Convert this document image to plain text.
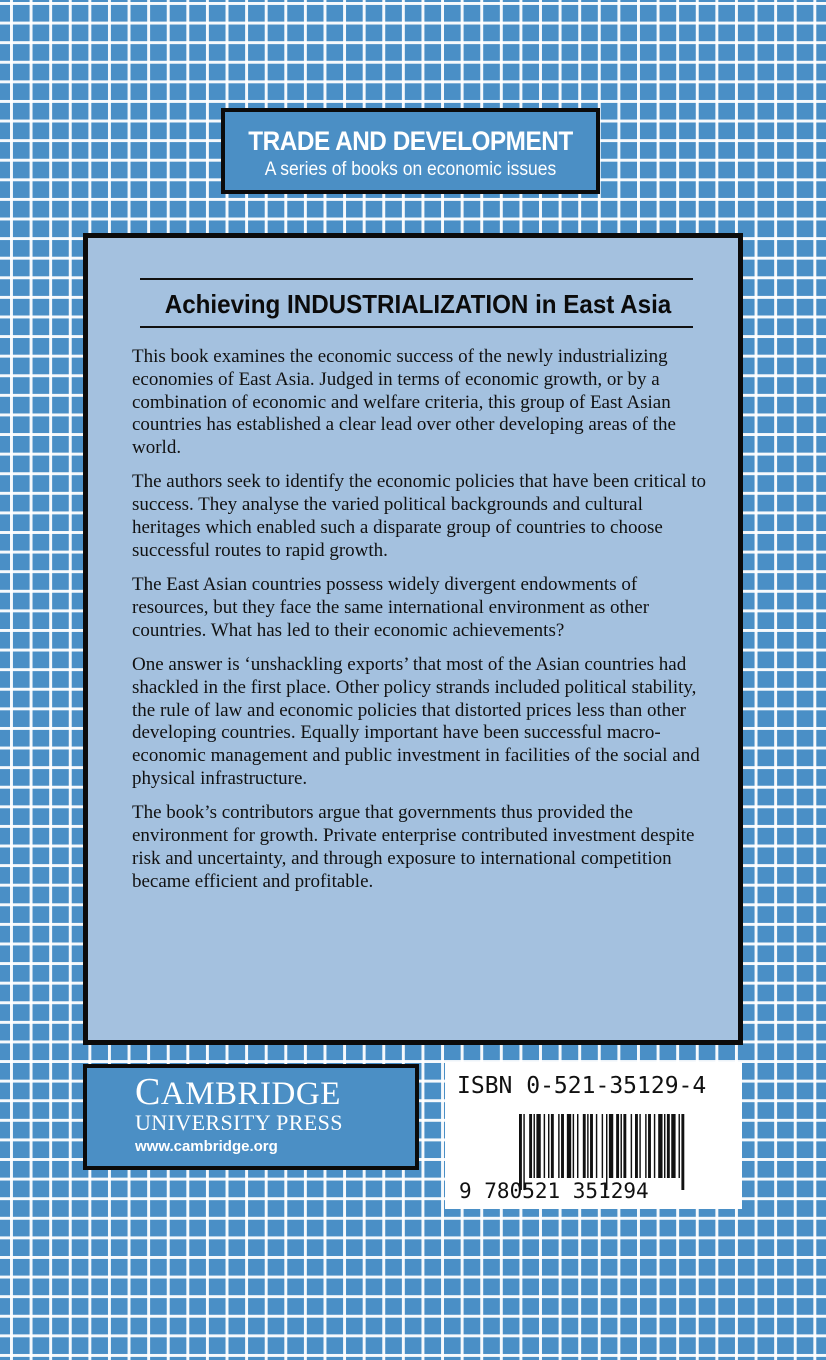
TRADE AND DEVELOPMENT
A series of books on economic issues
Achieving INDUSTRIALIZATION in East Asia

This book examines the economic success of the newly industrializing economies of East Asia. Judged in terms of economic growth, or by a combination of economic and welfare criteria, this group of East Asian countries has established a clear lead over other developing areas of the world.

The authors seek to identify the economic policies that have been critical to success. They analyse the varied political backgrounds and cultural heritages which enabled such a disparate group of countries to choose successful routes to rapid growth.

The East Asian countries possess widely divergent endowments of resources, but they face the same international environment as other countries. What has led to their economic achievements?

One answer is ‘unshackling exports’ that most of the Asian countries had shackled in the first place. Other policy strands included political stability, the rule of law and economic policies that distorted prices less than other developing countries. Equally important have been successful macro-economic management and public investment in facilities of the social and physical infrastructure.

The book’s contributors argue that governments thus provided the environment for growth. Private enterprise contributed investment despite risk and uncertainty, and through exposure to international competition became efficient and profitable.

CAMBRIDGE
UNIVERSITY PRESS
www.cambridge.org
ISBN 0-521-35129-4
9 780521 351294
